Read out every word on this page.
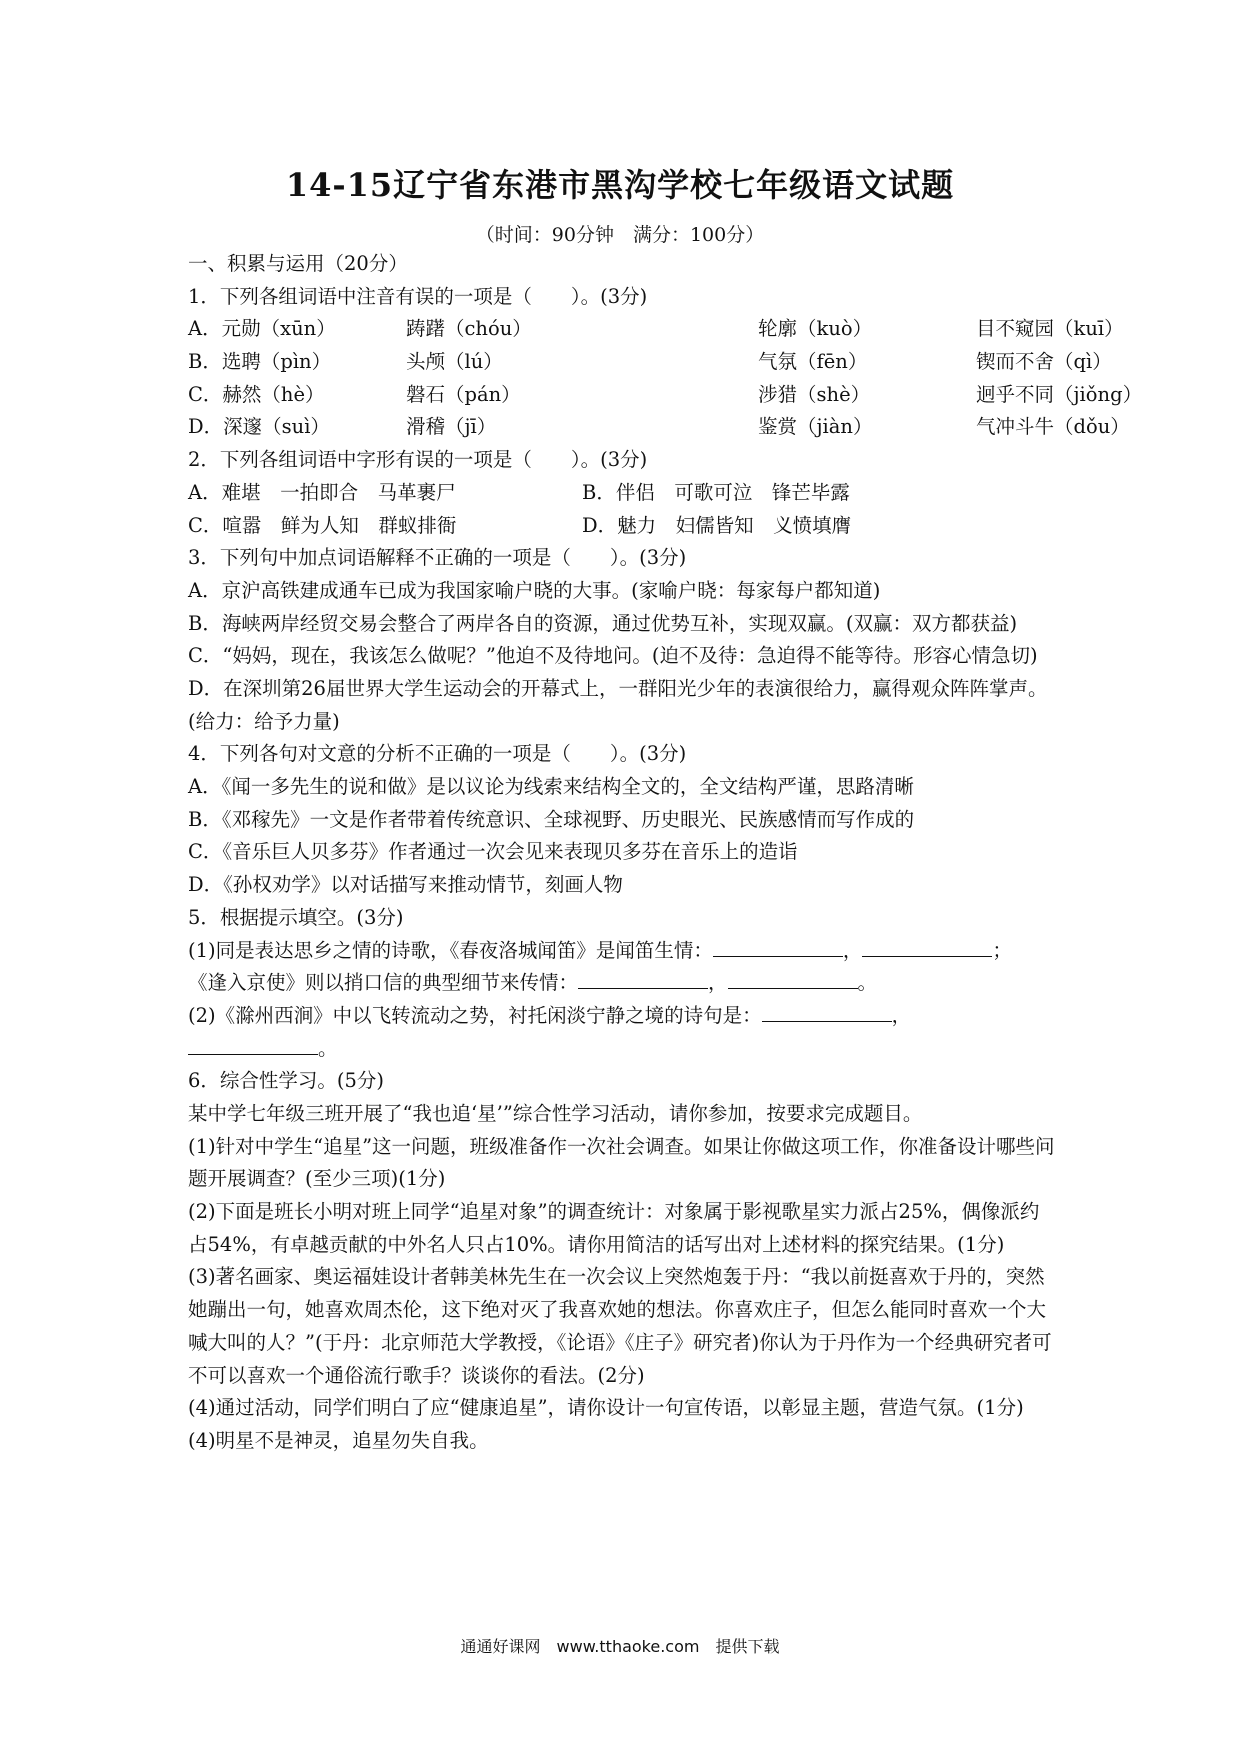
14-15辽宁省东港市黑沟学校七年级语文试题
（时间：90分钟　满分：100分）
一、积累与运用（20分）
1．下列各组词语中注音有误的一项是（　　）。(3分)
A．元勋（xūn）	踌躇（chóu）	轮廓（kuò）	目不窥园（kuī）
B．选聘（pìn）	头颅（lú）	气氛（fēn）	锲而不舍（qì）
C．赫然（hè）	磐石（pán）	涉猎（shè）	迥乎不同（jiǒng）
D．深邃（suì）	滑稽（jī）	鉴赏（jiàn）	气冲斗牛（dǒu）
2．下列各组词语中字形有误的一项是（　　）。(3分)
A．难堪　一拍即合　马革裹尸	B．伴侣　可歌可泣　锋芒毕露
C．喧嚣　鲜为人知　群蚁排衙	D．魅力　妇儒皆知　义愤填膺
3．下列句中加点词语解释不正确的一项是（　　）。(3分)
A．京沪高铁建成通车已成为我国家喻户晓的大事。(家喻户晓：每家每户都知道)
B．海峡两岸经贸交易会整合了两岸各自的资源，通过优势互补，实现双赢。(双赢：双方都获益)
C．“妈妈，现在，我该怎么做呢？”他迫不及待地问。(迫不及待：急迫得不能等待。形容心情急切)
D．在深圳第26届世界大学生运动会的开幕式上，一群阳光少年的表演很给力，赢得观众阵阵掌声。(给力：给予力量)
4．下列各句对文意的分析不正确的一项是（　　）。(3分)
A．《闻一多先生的说和做》是以议论为线索来结构全文的，全文结构严谨，思路清晰
B．《邓稼先》一文是作者带着传统意识、全球视野、历史眼光、民族感情而写作成的
C．《音乐巨人贝多芬》作者通过一次会见来表现贝多芬在音乐上的造诣
D．《孙权劝学》以对话描写来推动情节，刻画人物
5．根据提示填空。(3分)
(1)同是表达思乡之情的诗歌，《春夜洛城闻笛》是闻笛生情：	，	；
《逢入京使》则以捎口信的典型细节来传情：	，	。
(2)《滁州西涧》中以飞转流动之势，衬托闲淡宁静之境的诗句是：	，
。
6．综合性学习。(5分)
某中学七年级三班开展了“我也追‘星’”综合性学习活动，请你参加，按要求完成题目。
(1)针对中学生“追星”这一问题，班级准备作一次社会调查。如果让你做这项工作，你准备设计哪些问题开展调查？(至少三项)(1分)
(2)下面是班长小明对班上同学“追星对象”的调查统计：对象属于影视歌星实力派占25%，偶像派约占54%，有卓越贡献的中外名人只占10%。请你用简洁的话写出对上述材料的探究结果。(1分)
(3)著名画家、奥运福娃设计者韩美林先生在一次会议上突然炮轰于丹：“我以前挺喜欢于丹的，突然她蹦出一句，她喜欢周杰伦，这下绝对灭了我喜欢她的想法。你喜欢庄子，但怎么能同时喜欢一个大喊大叫的人？”(于丹：北京师范大学教授，《论语》《庄子》研究者)你认为于丹作为一个经典研究者可不可以喜欢一个通俗流行歌手？谈谈你的看法。(2分)
(4)通过活动，同学们明白了应“健康追星”，请你设计一句宣传语，以彰显主题，营造气氛。(1分)
(4)明星不是神灵，追星勿失自我。
通通好课网　www.tthaoke.com　提供下载
